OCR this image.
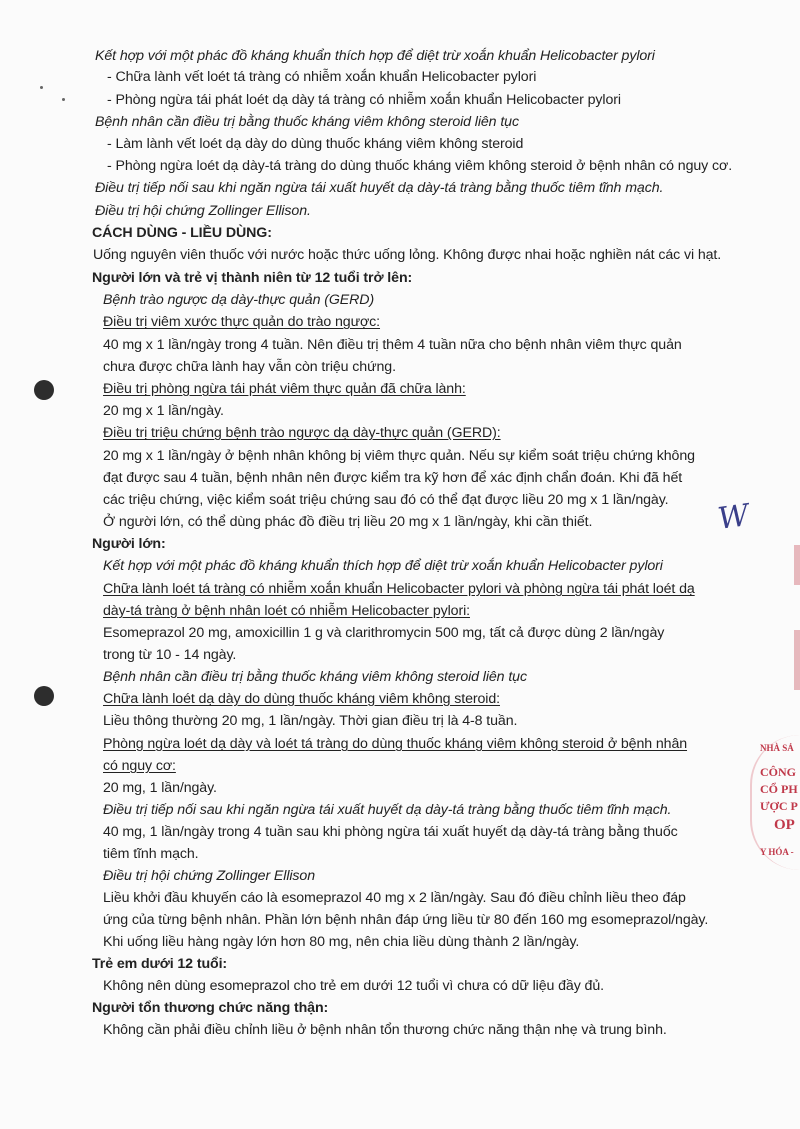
Kết hợp với một phác đồ kháng khuẩn thích hợp để diệt trừ xoắn khuẩn Helicobacter pylori
- Chữa lành vết loét tá tràng có nhiễm xoắn khuẩn Helicobacter pylori
- Phòng ngừa tái phát loét dạ dày tá tràng có nhiễm xoắn khuẩn Helicobacter pylori
Bệnh nhân cần điều trị bằng thuốc kháng viêm không steroid liên tục
- Làm lành vết loét dạ dày do dùng thuốc kháng viêm không steroid
- Phòng ngừa loét dạ dày-tá tràng do dùng thuốc kháng viêm không steroid ở bệnh nhân có nguy cơ.
Điều trị tiếp nối sau khi ngăn ngừa tái xuất huyết dạ dày-tá tràng bằng thuốc tiêm tĩnh mạch.
Điều trị hội chứng Zollinger Ellison.
CÁCH DÙNG - LIỀU DÙNG:
Uống nguyên viên thuốc với nước hoặc thức uống lỏng. Không được nhai hoặc nghiền nát các vi hạt.
Người lớn và trẻ vị thành niên từ 12 tuổi trở lên:
Bệnh trào ngược dạ dày-thực quản (GERD)
Điều trị viêm xước thực quản do trào ngược:
40 mg x 1 lần/ngày trong 4 tuần. Nên điều trị thêm 4 tuần nữa cho bệnh nhân viêm thực quản
chưa được chữa lành hay vẫn còn triệu chứng.
Điều trị phòng ngừa tái phát viêm thực quản đã chữa lành:
20 mg x 1 lần/ngày.
Điều trị triệu chứng bệnh trào ngược dạ dày-thực quản (GERD):
20 mg x 1 lần/ngày ở bệnh nhân không bị viêm thực quản. Nếu sự kiểm soát triệu chứng không
đạt được sau 4 tuần, bệnh nhân nên được kiểm tra kỹ hơn để xác định chẩn đoán. Khi đã hết
các triệu chứng, việc kiểm soát triệu chứng sau đó có thể đạt được liều 20 mg x 1 lần/ngày.
Ở người lớn, có thể dùng phác đồ điều trị liều 20 mg x 1 lần/ngày, khi cần thiết.
Người lớn:
Kết hợp với một phác đồ kháng khuẩn thích hợp để diệt trừ xoắn khuẩn Helicobacter pylori
Chữa lành loét tá tràng có nhiễm xoắn khuẩn Helicobacter pylori và phòng ngừa tái phát loét dạ
dày-tá tràng ở bệnh nhân loét có nhiễm Helicobacter pylori:
Esomeprazol 20 mg, amoxicillin 1 g và clarithromycin 500 mg, tất cả được dùng 2 lần/ngày
trong từ 10 - 14 ngày.
Bệnh nhân cần điều trị bằng thuốc kháng viêm không steroid liên tục
Chữa lành loét dạ dày do dùng thuốc kháng viêm không steroid:
Liều thông thường 20 mg, 1 lần/ngày. Thời gian điều trị là 4-8 tuần.
Phòng ngừa loét dạ dày và loét tá tràng do dùng thuốc kháng viêm không steroid ở bệnh nhân
có nguy cơ:
20 mg, 1 lần/ngày.
Điều trị tiếp nối sau khi ngăn ngừa tái xuất huyết dạ dày-tá tràng bằng thuốc tiêm tĩnh mạch.
40 mg, 1 lần/ngày trong 4 tuần sau khi phòng ngừa tái xuất huyết dạ dày-tá tràng bằng thuốc
tiêm tĩnh mạch.
Điều trị hội chứng Zollinger Ellison
Liều khởi đầu khuyến cáo là esomeprazol 40 mg x 2 lần/ngày. Sau đó điều chỉnh liều theo đáp
ứng của từng bệnh nhân. Phần lớn bệnh nhân đáp ứng liều từ 80 đến 160 mg esomeprazol/ngày.
Khi uống liều hàng ngày lớn hơn 80 mg, nên chia liều dùng thành 2 lần/ngày.
Trẻ em dưới 12 tuổi:
Không nên dùng esomeprazol cho trẻ em dưới 12 tuổi vì chưa có dữ liệu đầy đủ.
Người tổn thương chức năng thận:
Không cần phải điều chỉnh liều ở bệnh nhân tổn thương chức năng thận nhẹ và trung bình.
W
NHÀ SẢ
CÔNG
CỔ PH
ƯỢC P
OP
Y HÓA -
